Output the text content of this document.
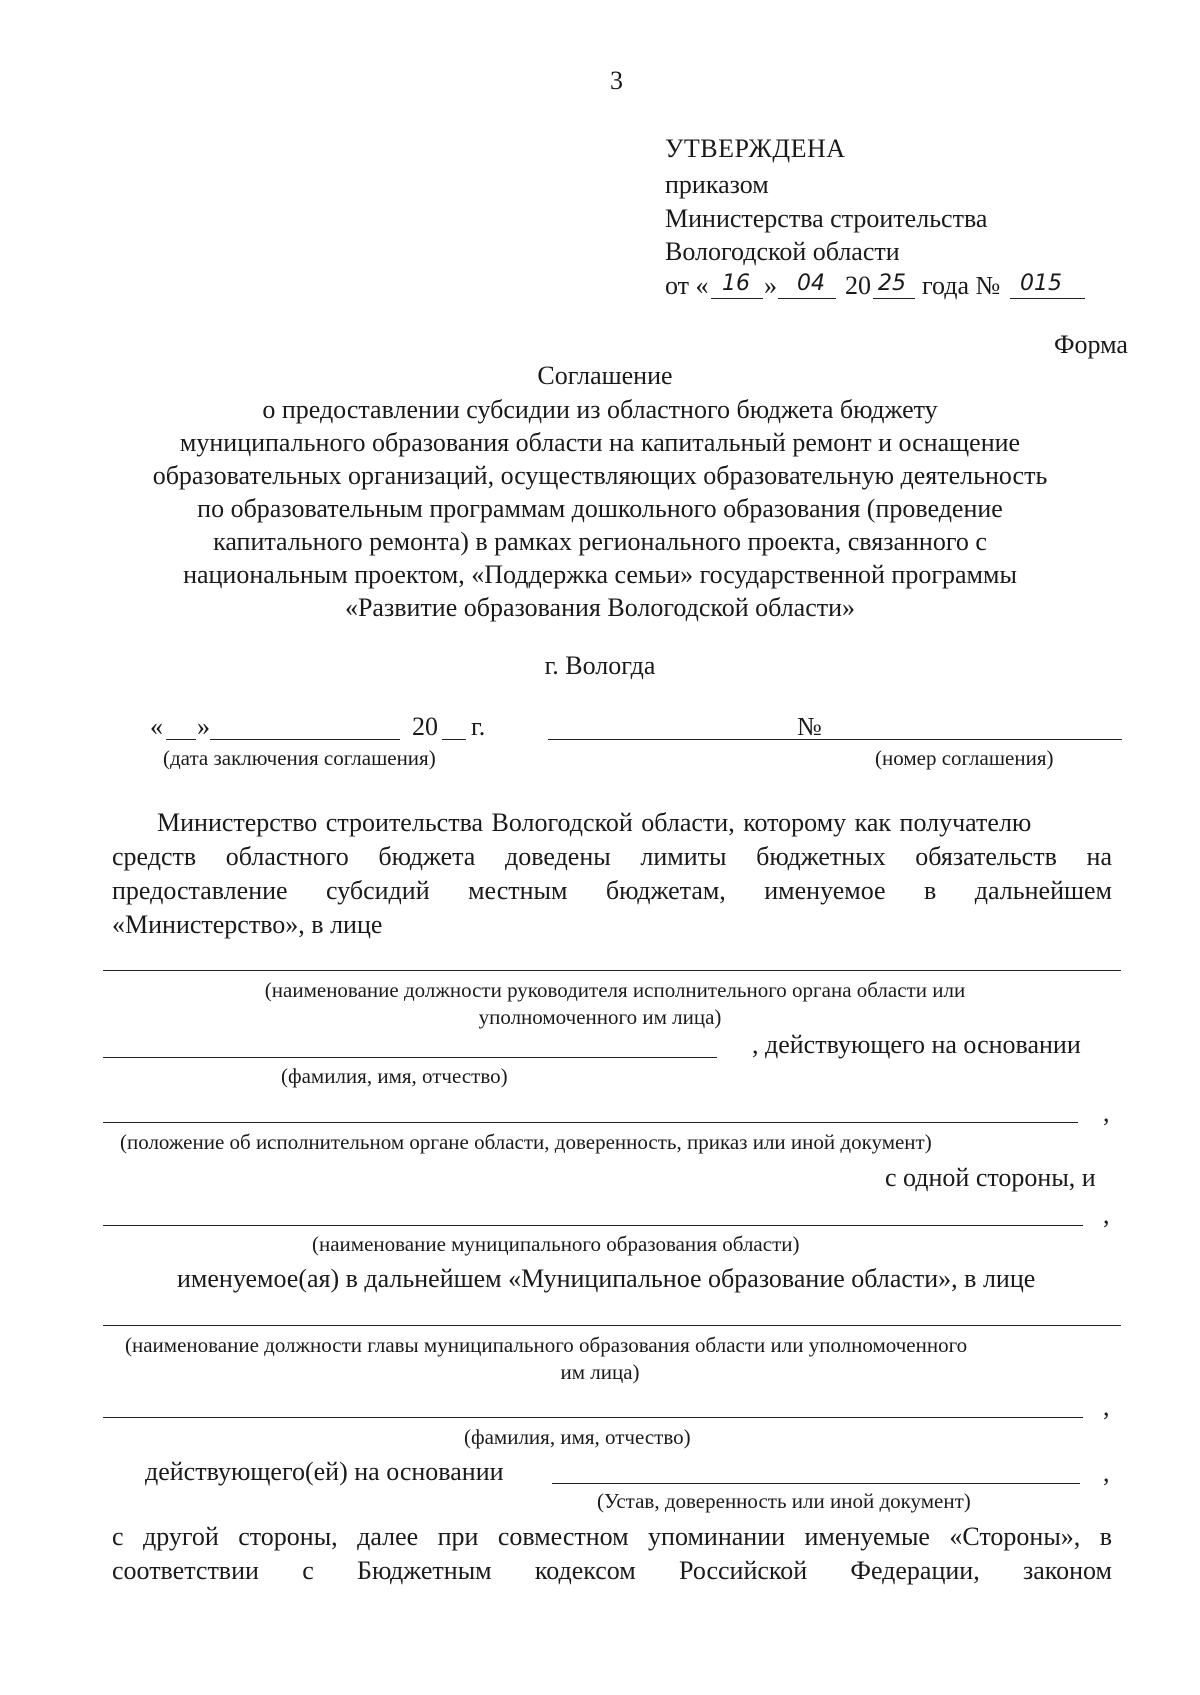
3
УТВЕРЖДЕНА
приказом
Министерства строительства
Вологодской области
от « 16 » 04 20 25 года № 015
Форма
Соглашение
о предоставлении субсидии из областного бюджета бюджету
муниципального образования области на капитальный ремонт и оснащение
образовательных организаций, осуществляющих образовательную деятельность
по образовательным программам дошкольного образования (проведение
капитального ремонта) в рамках регионального проекта, связанного с
национальным проектом, «Поддержка семьи» государственной программы
«Развитие образования Вологодской области»
г. Вологда
« »	20 г.	№
(дата заключения соглашения)	(номер соглашения)
Министерство строительства Вологодской области, которому как получателю
средств областного бюджета доведены лимиты бюджетных обязательств на
предоставление субсидий местным бюджетам, именуемое в дальнейшем
«Министерство», в лице
(наименование должности руководителя исполнительного органа области или
уполномоченного им лица)
, действующего на основании
(фамилия, имя, отчество)
,
(положение об исполнительном органе области, доверенность, приказ или иной документ)
с одной стороны, и
,
(наименование муниципального образования области)
именуемое(ая) в дальнейшем «Муниципальное образование области», в лице
(наименование должности главы муниципального образования области или уполномоченного
им лица)
,
(фамилия, имя, отчество)
действующего(ей) на основании	,
(Устав, доверенность или иной документ)
с другой стороны, далее при совместном упоминании именуемые «Стороны», в
соответствии с Бюджетным кодексом Российской Федерации, законом
